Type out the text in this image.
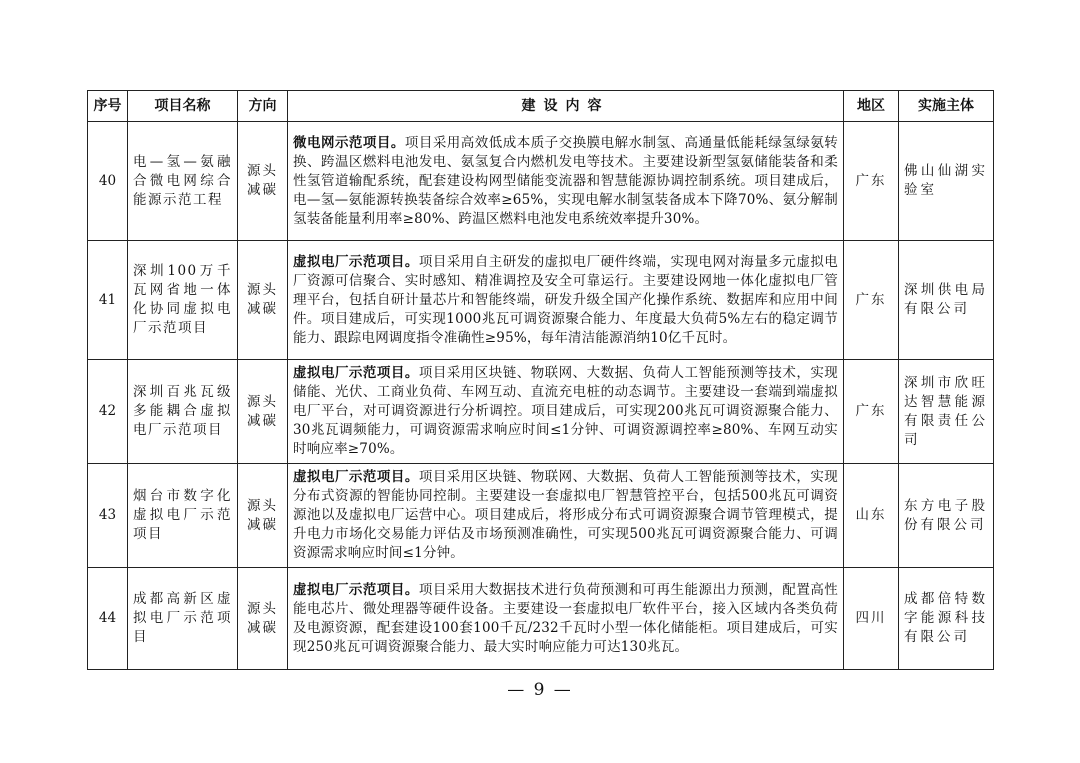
序号	项目名称	方向	建设内容	地区	实施主体
40	电—氢—氨融合微电网综合能源示范工程	源头减碳	微电网示范项目。项目采用高效低成本质子交换膜电解水制氢、高通量低能耗绿氢绿氨转换、跨温区燃料电池发电、氨氢复合内燃机发电等技术。主要建设新型氢氨储能装备和柔性氢管道输配系统，配套建设构网型储能变流器和智慧能源协调控制系统。项目建成后，电—氢—氨能源转换装备综合效率≥65%，实现电解水制氢装备成本下降70%、氨分解制氢装备能量利用率≥80%、跨温区燃料电池发电系统效率提升30%。	广东	佛山仙湖实验室
41	深圳100万千瓦网省地一体化协同虚拟电厂示范项目	源头减碳	虚拟电厂示范项目。项目采用自主研发的虚拟电厂硬件终端，实现电网对海量多元虚拟电厂资源可信聚合、实时感知、精准调控及安全可靠运行。主要建设网地一体化虚拟电厂管理平台，包括自研计量芯片和智能终端，研发升级全国产化操作系统、数据库和应用中间件。项目建成后，可实现1000兆瓦可调资源聚合能力、年度最大负荷5%左右的稳定调节能力、跟踪电网调度指令准确性≥95%，每年清洁能源消纳10亿千瓦时。	广东	深圳供电局有限公司
42	深圳百兆瓦级多能耦合虚拟电厂示范项目	源头减碳	虚拟电厂示范项目。项目采用区块链、物联网、大数据、负荷人工智能预测等技术，实现储能、光伏、工商业负荷、车网互动、直流充电桩的动态调节。主要建设一套端到端虚拟电厂平台，对可调资源进行分析调控。项目建成后，可实现200兆瓦可调资源聚合能力、30兆瓦调频能力，可调资源需求响应时间≤1分钟、可调资源调控率≥80%、车网互动实时响应率≥70%。	广东	深圳市欣旺达智慧能源有限责任公司
43	烟台市数字化虚拟电厂示范项目	源头减碳	虚拟电厂示范项目。项目采用区块链、物联网、大数据、负荷人工智能预测等技术，实现分布式资源的智能协同控制。主要建设一套虚拟电厂智慧管控平台，包括500兆瓦可调资源池以及虚拟电厂运营中心。项目建成后，将形成分布式可调资源聚合调节管理模式，提升电力市场化交易能力评估及市场预测准确性，可实现500兆瓦可调资源聚合能力、可调资源需求响应时间≤1分钟。	山东	东方电子股份有限公司
44	成都高新区虚拟电厂示范项目	源头减碳	虚拟电厂示范项目。项目采用大数据技术进行负荷预测和可再生能源出力预测，配置高性能电芯片、微处理器等硬件设备。主要建设一套虚拟电厂软件平台，接入区域内各类负荷及电源资源，配套建设100套100千瓦/232千瓦时小型一体化储能柜。项目建成后，可实现250兆瓦可调资源聚合能力、最大实时响应能力可达130兆瓦。	四川	成都倍特数字能源科技有限公司
— 9 —
